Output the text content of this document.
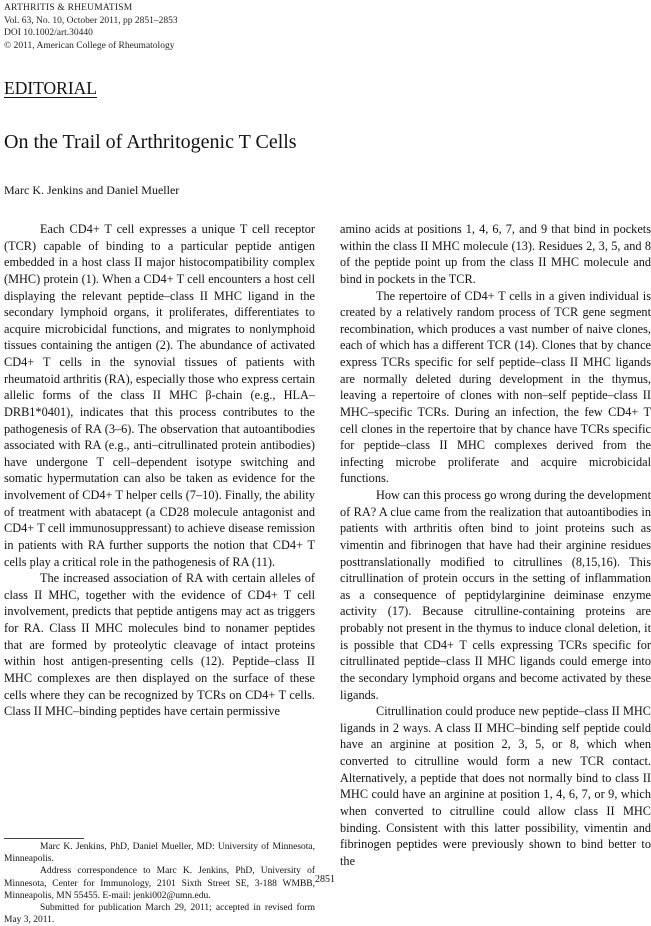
ARTHRITIS & RHEUMATISM
Vol. 63, No. 10, October 2011, pp 2851–2853
DOI 10.1002/art.30440
© 2011, American College of Rheumatology
EDITORIAL
On the Trail of Arthritogenic T Cells
Marc K. Jenkins and Daniel Mueller

Each CD4+ T cell expresses a unique T cell receptor (TCR) capable of binding to a particular peptide antigen embedded in a host class II major histocompatibility complex (MHC) protein (1). When a CD4+ T cell encounters a host cell displaying the relevant peptide–class II MHC ligand in the secondary lymphoid organs, it proliferates, differentiates to acquire microbicidal functions, and migrates to nonlymphoid tissues containing the antigen (2). The abundance of activated CD4+ T cells in the synovial tissues of patients with rheumatoid arthritis (RA), especially those who express certain allelic forms of the class II MHC β-chain (e.g., HLA–DRB1*0401), indicates that this process contributes to the pathogenesis of RA (3–6). The observation that autoantibodies associated with RA (e.g., anti–citrullinated protein antibodies) have undergone T cell–dependent isotype switching and somatic hypermutation can also be taken as evidence for the involvement of CD4+ T helper cells (7–10). Finally, the ability of treatment with abatacept (a CD28 molecule antagonist and CD4+ T cell immunosuppressant) to achieve disease remission in patients with RA further supports the notion that CD4+ T cells play a critical role in the pathogenesis of RA (11).

The increased association of RA with certain alleles of class II MHC, together with the evidence of CD4+ T cell involvement, predicts that peptide antigens may act as triggers for RA. Class II MHC molecules bind to nonamer peptides that are formed by proteolytic cleavage of intact proteins within host antigen-presenting cells (12). Peptide–class II MHC complexes are then displayed on the surface of these cells where they can be recognized by TCRs on CD4+ T cells. Class II MHC–binding peptides have certain permissive

amino acids at positions 1, 4, 6, 7, and 9 that bind in pockets within the class II MHC molecule (13). Residues 2, 3, 5, and 8 of the peptide point up from the class II MHC molecule and bind in pockets in the TCR.

The repertoire of CD4+ T cells in a given individual is created by a relatively random process of TCR gene segment recombination, which produces a vast number of naive clones, each of which has a different TCR (14). Clones that by chance express TCRs specific for self peptide–class II MHC ligands are normally deleted during development in the thymus, leaving a repertoire of clones with non–self peptide–class II MHC–specific TCRs. During an infection, the few CD4+ T cell clones in the repertoire that by chance have TCRs specific for peptide–class II MHC complexes derived from the infecting microbe proliferate and acquire microbicidal functions.

How can this process go wrong during the development of RA? A clue came from the realization that autoantibodies in patients with arthritis often bind to joint proteins such as vimentin and fibrinogen that have had their arginine residues posttranslationally modified to citrullines (8,15,16). This citrullination of protein occurs in the setting of inflammation as a consequence of peptidylarginine deiminase enzyme activity (17). Because citrulline-containing proteins are probably not present in the thymus to induce clonal deletion, it is possible that CD4+ T cells expressing TCRs specific for citrullinated peptide–class II MHC ligands could emerge into the secondary lymphoid organs and become activated by these ligands.

Citrullination could produce new peptide–class II MHC ligands in 2 ways. A class II MHC–binding self peptide could have an arginine at position 2, 3, 5, or 8, which when converted to citrulline would form a new TCR contact. Alternatively, a peptide that does not normally bind to class II MHC could have an arginine at position 1, 4, 6, 7, or 9, which when converted to citrulline could allow class II MHC binding. Consistent with this latter possibility, vimentin and fibrinogen peptides were previously shown to bind better to the

Marc K. Jenkins, PhD, Daniel Mueller, MD: University of Minnesota, Minneapolis.

Address correspondence to Marc K. Jenkins, PhD, University of Minnesota, Center for Immunology, 2101 Sixth Street SE, 3-188 WMBB, Minneapolis, MN 55455. E-mail: jenki002@umn.edu.

Submitted for publication March 29, 2011; accepted in revised form May 3, 2011.

2851
